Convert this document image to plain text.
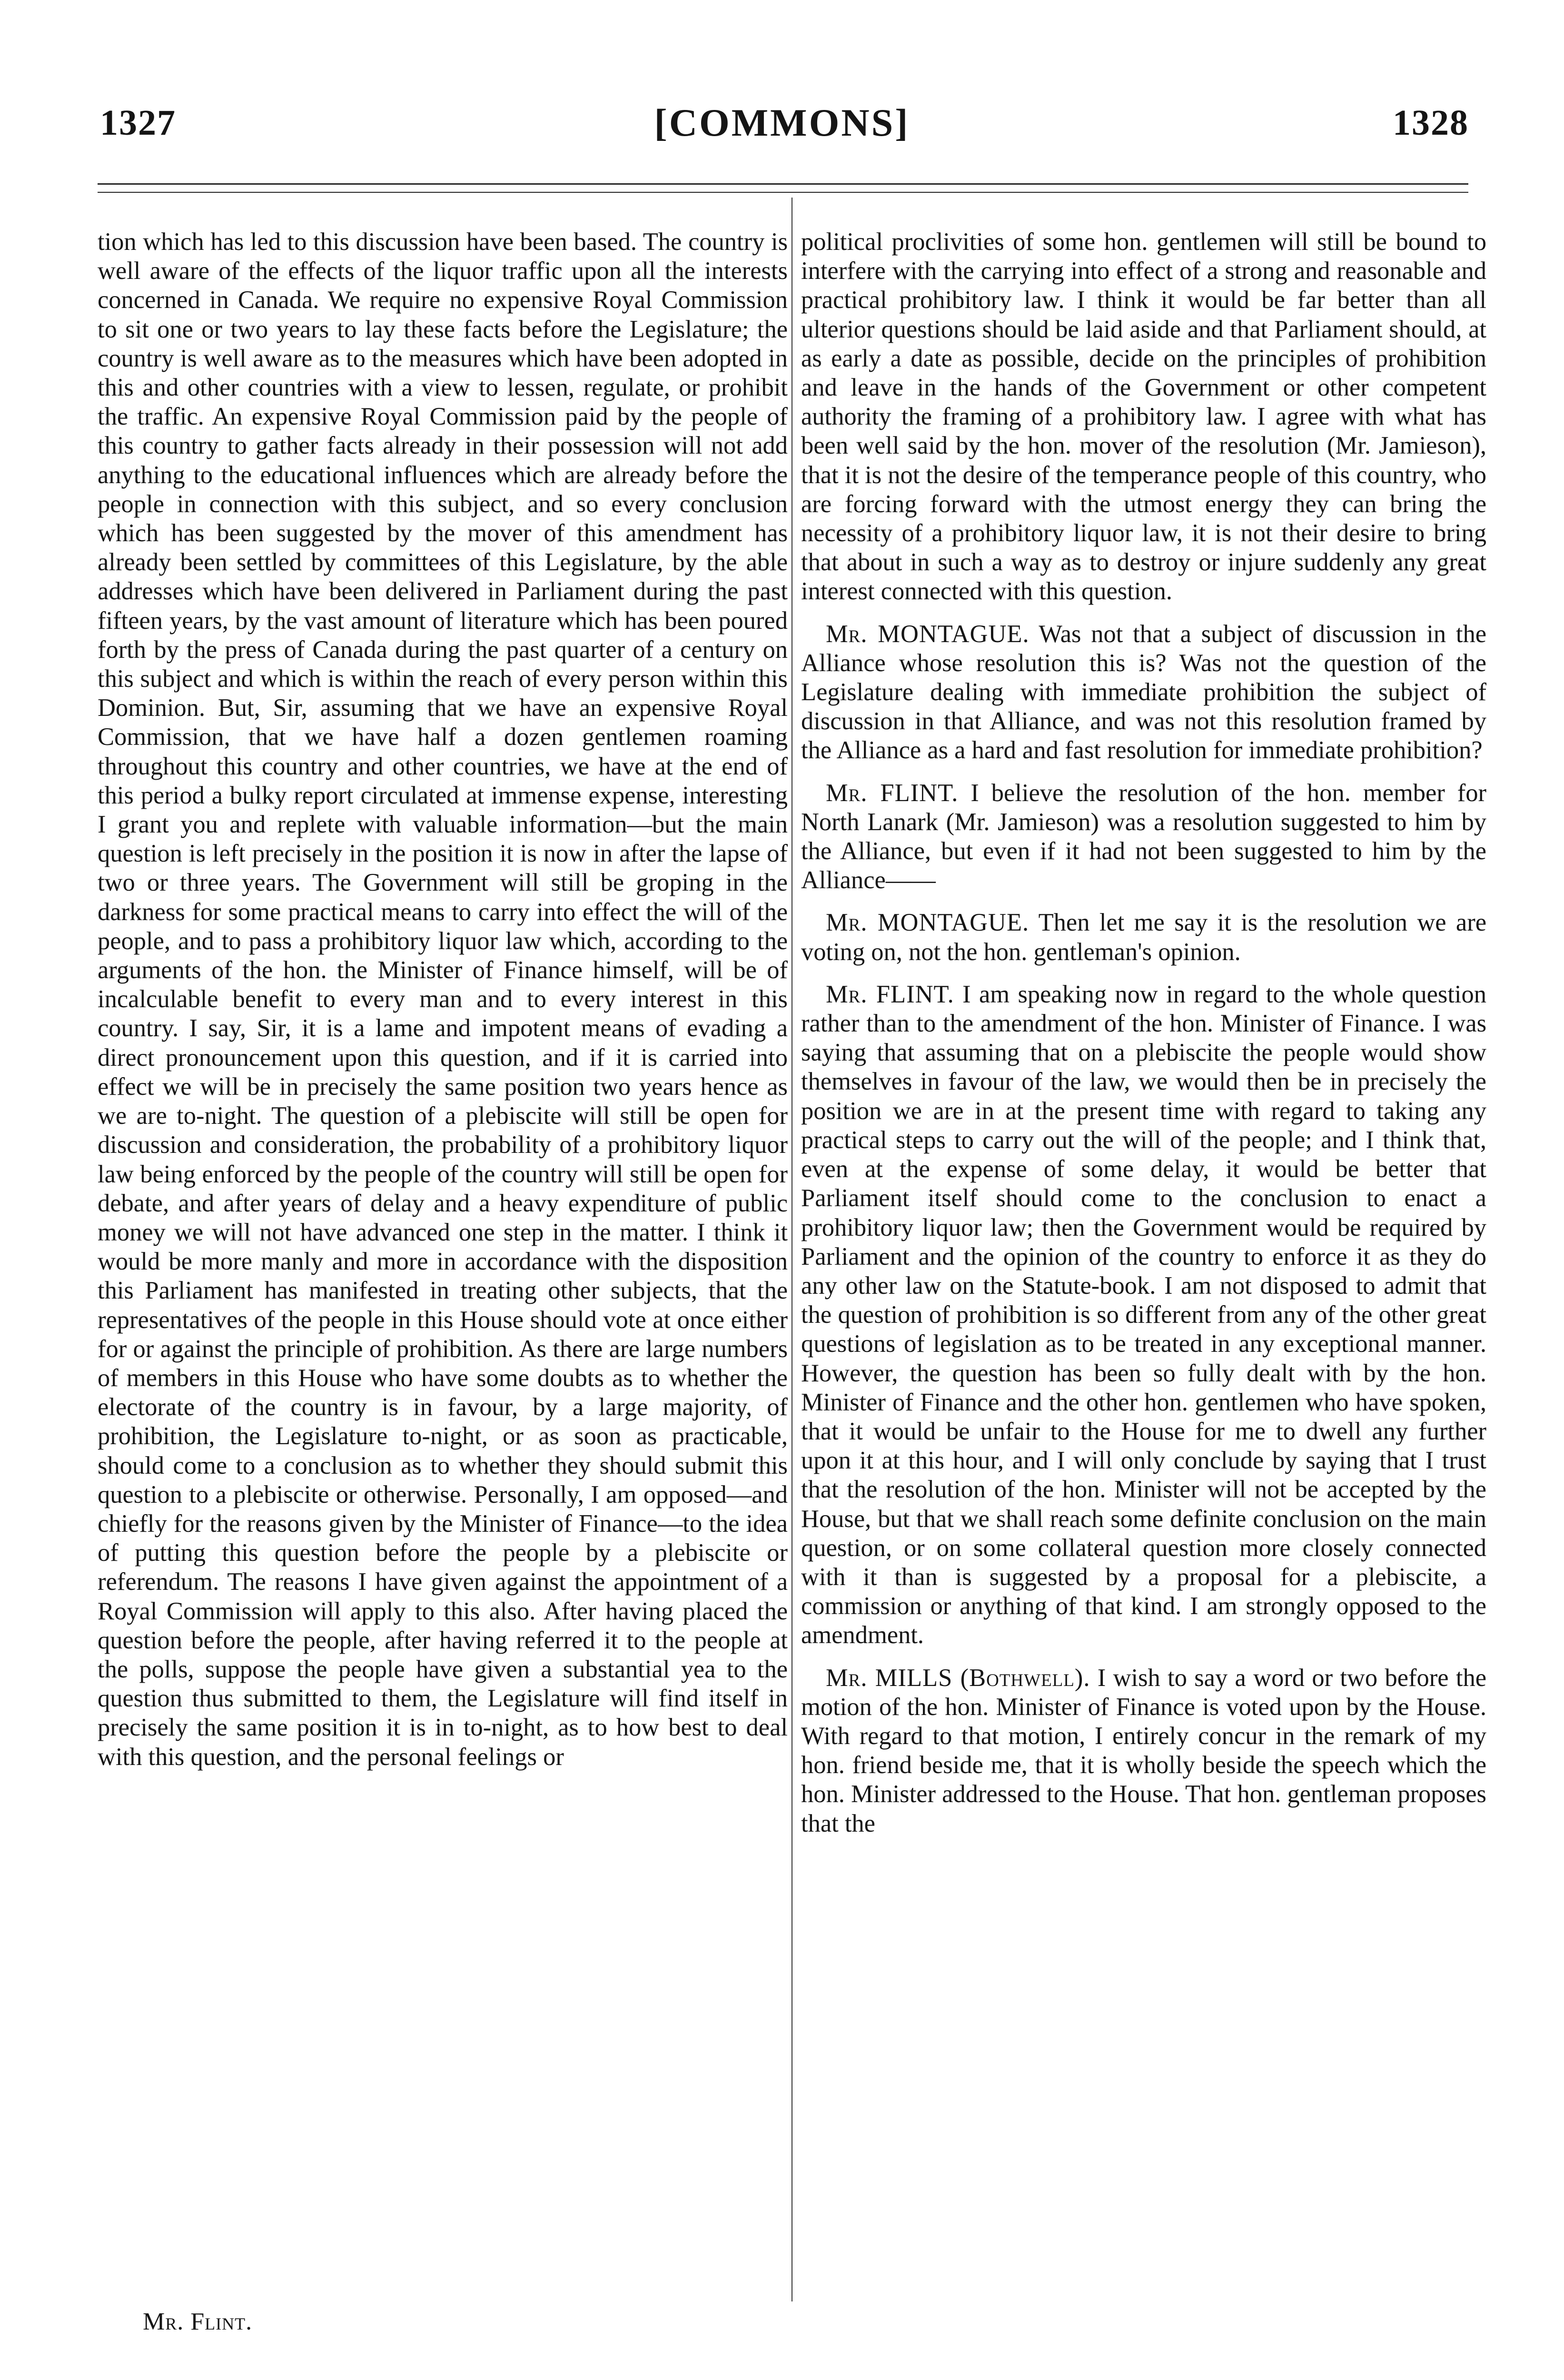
1327	[COMMONS]	1328

tion which has led to this discussion have been based. The country is well aware of the effects of the liquor traffic upon all the interests concerned in Canada. We require no expensive Royal Commission to sit one or two years to lay these facts before the Legislature; the country is well aware as to the measures which have been adopted in this and other countries with a view to lessen, regulate, or prohibit the traffic. An expensive Royal Commission paid by the people of this country to gather facts already in their possession will not add anything to the educational influences which are already before the people in connection with this subject, and so every conclusion which has been suggested by the mover of this amendment has already been settled by committees of this Legislature, by the able addresses which have been delivered in Parliament during the past fifteen years, by the vast amount of literature which has been poured forth by the press of Canada during the past quarter of a century on this subject and which is within the reach of every person within this Dominion. But, Sir, assuming that we have an expensive Royal Commission, that we have half a dozen gentlemen roaming throughout this country and other countries, we have at the end of this period a bulky report circulated at immense expense, interesting I grant you and replete with valuable information—but the main question is left precisely in the position it is now in after the lapse of two or three years. The Government will still be groping in the darkness for some practical means to carry into effect the will of the people, and to pass a prohibitory liquor law which, according to the arguments of the hon. the Minister of Finance himself, will be of incalculable benefit to every man and to every interest in this country. I say, Sir, it is a lame and impotent means of evading a direct pronouncement upon this question, and if it is carried into effect we will be in precisely the same position two years hence as we are to-night. The question of a plebiscite will still be open for discussion and consideration, the probability of a prohibitory liquor law being enforced by the people of the country will still be open for debate, and after years of delay and a heavy expenditure of public money we will not have advanced one step in the matter. I think it would be more manly and more in accordance with the disposition this Parliament has manifested in treating other subjects, that the representatives of the people in this House should vote at once either for or against the principle of prohibition. As there are large numbers of members in this House who have some doubts as to whether the electorate of the country is in favour, by a large majority, of prohibition, the Legislature to-night, or as soon as practicable, should come to a conclusion as to whether they should submit this question to a plebiscite or otherwise. Personally, I am opposed—and chiefly for the reasons given by the Minister of Finance—to the idea of putting this question before the people by a plebiscite or referendum. The reasons I have given against the appointment of a Royal Commission will apply to this also. After having placed the question before the people, after having referred it to the people at the polls, suppose the people have given a substantial yea to the question thus submitted to them, the Legislature will find itself in precisely the same position it is in to-night, as to how best to deal with this question, and the personal feelings or

political proclivities of some hon. gentlemen will still be bound to interfere with the carrying into effect of a strong and reasonable and practical prohibitory law. I think it would be far better than all ulterior questions should be laid aside and that Parliament should, at as early a date as possible, decide on the principles of prohibition and leave in the hands of the Government or other competent authority the framing of a prohibitory law. I agree with what has been well said by the hon. mover of the resolution (Mr. Jamieson), that it is not the desire of the temperance people of this country, who are forcing forward with the utmost energy they can bring the necessity of a prohibitory liquor law, it is not their desire to bring that about in such a way as to destroy or injure suddenly any great interest connected with this question.

Mr. MONTAGUE. Was not that a subject of discussion in the Alliance whose resolution this is? Was not the question of the Legislature dealing with immediate prohibition the subject of discussion in that Alliance, and was not this resolution framed by the Alliance as a hard and fast resolution for immediate prohibition?

Mr. FLINT. I believe the resolution of the hon. member for North Lanark (Mr. Jamieson) was a resolution suggested to him by the Alliance, but even if it had not been suggested to him by the Alliance——

Mr. MONTAGUE. Then let me say it is the resolution we are voting on, not the hon. gentleman's opinion.

Mr. FLINT. I am speaking now in regard to the whole question rather than to the amendment of the hon. Minister of Finance. I was saying that assuming that on a plebiscite the people would show themselves in favour of the law, we would then be in precisely the position we are in at the present time with regard to taking any practical steps to carry out the will of the people; and I think that, even at the expense of some delay, it would be better that Parliament itself should come to the conclusion to enact a prohibitory liquor law; then the Government would be required by Parliament and the opinion of the country to enforce it as they do any other law on the Statute-book. I am not disposed to admit that the question of prohibition is so different from any of the other great questions of legislation as to be treated in any exceptional manner. However, the question has been so fully dealt with by the hon. Minister of Finance and the other hon. gentlemen who have spoken, that it would be unfair to the House for me to dwell any further upon it at this hour, and I will only conclude by saying that I trust that the resolution of the hon. Minister will not be accepted by the House, but that we shall reach some definite conclusion on the main question, or on some collateral question more closely connected with it than is suggested by a proposal for a plebiscite, a commission or anything of that kind. I am strongly opposed to the amendment.

Mr. MILLS (Bothwell). I wish to say a word or two before the motion of the hon. Minister of Finance is voted upon by the House. With regard to that motion, I entirely concur in the remark of my hon. friend beside me, that it is wholly beside the speech which the hon. Minister addressed to the House. That hon. gentleman proposes that the

Mr. Flint.
